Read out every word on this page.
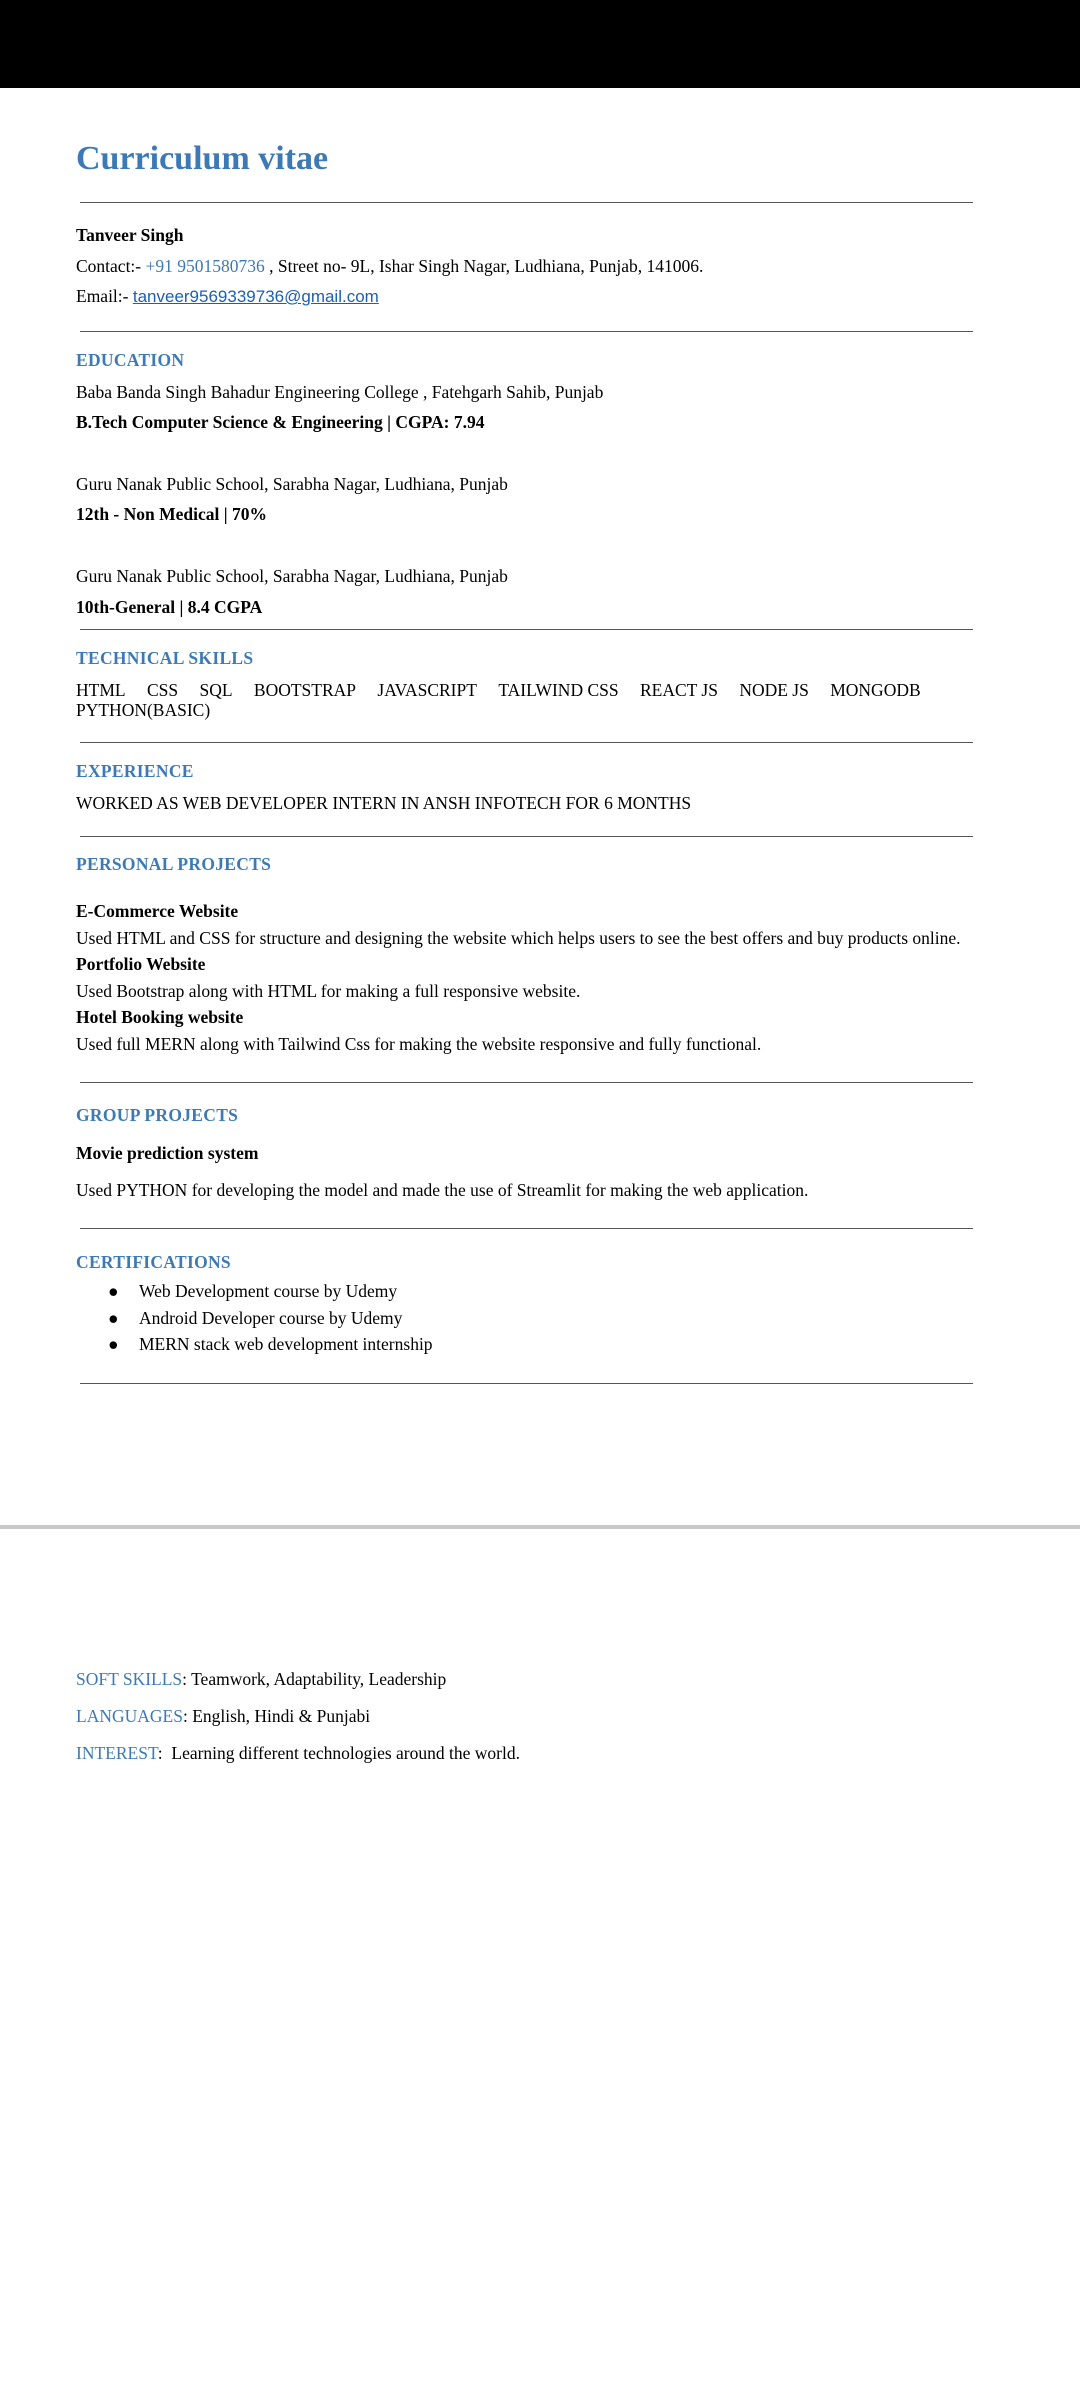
Curriculum vitae
Tanveer Singh
Contact:- +91 9501580736 , Street no- 9L, Ishar Singh Nagar, Ludhiana, Punjab, 141006.
Email:- tanveer9569339736@gmail.com
EDUCATION
Baba Banda Singh Bahadur Engineering College , Fatehgarh Sahib, Punjab
B.Tech Computer Science & Engineering | CGPA: 7.94
Guru Nanak Public School, Sarabha Nagar, Ludhiana, Punjab
12th - Non Medical | 70%
Guru Nanak Public School, Sarabha Nagar, Ludhiana, Punjab
10th-General | 8.4 CGPA
TECHNICAL SKILLS
HTML CSS SQL BOOTSTRAP JAVASCRIPT TAILWIND CSS REACT JS NODE JS MONGODB PYTHON(BASIC)
EXPERIENCE
WORKED AS WEB DEVELOPER INTERN IN ANSH INFOTECH FOR 6 MONTHS
PERSONAL PROJECTS
E-Commerce Website
Used HTML and CSS for structure and designing the website which helps users to see the best offers and buy products online.
Portfolio Website
Used Bootstrap along with HTML for making a full responsive website.
Hotel Booking website
Used full MERN along with Tailwind Css for making the website responsive and fully functional.
GROUP PROJECTS
Movie prediction system
Used PYTHON for developing the model and made the use of Streamlit for making the web application.
CERTIFICATIONS
● Web Development course by Udemy
● Android Developer course by Udemy
● MERN stack web development internship
SOFT SKILLS: Teamwork, Adaptability, Leadership
LANGUAGES: English, Hindi & Punjabi
INTEREST:  Learning different technologies around the world.
